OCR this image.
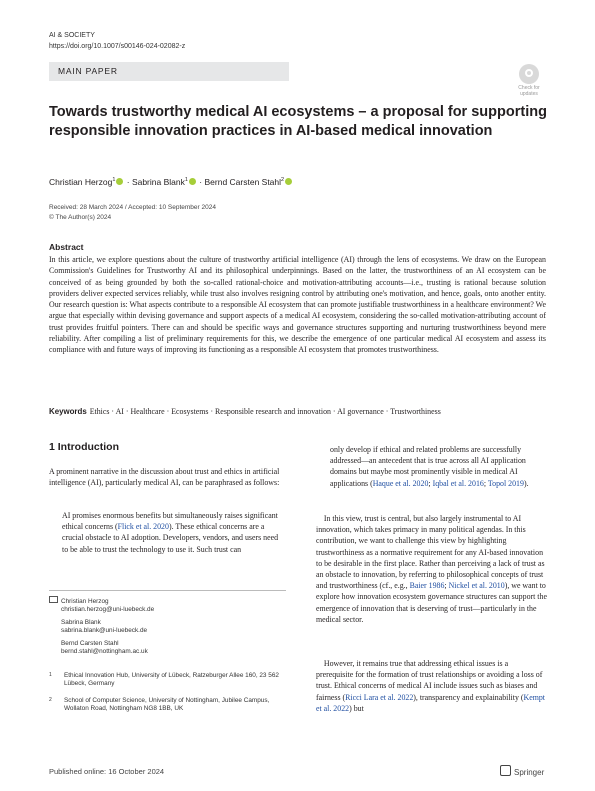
AI & SOCIETY
https://doi.org/10.1007/s00146-024-02082-z
MAIN PAPER
Check for updates
Towards trustworthy medical AI ecosystems – a proposal for supporting responsible innovation practices in AI-based medical innovation
Christian Herzog$^1$ · Sabrina Blank$^1$ · Bernd Carsten Stahl$^2$
Received: 28 March 2024 / Accepted: 10 September 2024
© The Author(s) 2024
Abstract
In this article, we explore questions about the culture of trustworthy artificial intelligence (AI) through the lens of ecosystems. We draw on the European Commission's Guidelines for Trustworthy AI and its philosophical underpinnings. Based on the latter, the trustworthiness of an AI ecosystem can be conceived of as being grounded by both the so-called rational-choice and motivation-attributing accounts—i.e., trusting is rational because solution providers deliver expected services reliably, while trust also involves resigning control by attributing one's motivation, and hence, goals, onto another entity. Our research question is: What aspects contribute to a responsible AI ecosystem that can promote justifiable trustworthiness in a healthcare environment? We argue that especially within devising governance and support aspects of a medical AI ecosystem, considering the so-called motivation-attributing account of trust provides fruitful pointers. There can and should be specific ways and governance structures supporting and nurturing trustworthiness beyond mere reliability. After compiling a list of preliminary requirements for this, we describe the emergence of one particular medical AI ecosystem and assess its compliance with and future ways of improving its functioning as a responsible AI ecosystem that promotes trustworthiness.
Keywords Ethics · AI · Healthcare · Ecosystems · Responsible research and innovation · AI governance · Trustworthiness
1 Introduction
A prominent narrative in the discussion about trust and ethics in artificial intelligence (AI), particularly medical AI, can be paraphrased as follows:
AI promises enormous benefits but simultaneously raises significant ethical concerns (Flick et al. 2020). These ethical concerns are a crucial obstacle to AI adoption. Developers, vendors, and users need to be able to trust the technology to use it. Such trust can
only develop if ethical and related problems are successfully addressed—an antecedent that is true across all AI application domains but maybe most prominently visible in medical AI applications (Haque et al. 2020; Iqbal et al. 2016; Topol 2019).
 In this view, trust is central, but also largely instrumental to AI innovation, which takes primacy in many political agendas. In this contribution, we want to challenge this view by highlighting trustworthiness as a normative requirement for any AI-based innovation to be desirable in the first place. Rather than perceiving a lack of trust as an obstacle to innovation, by referring to philosophical concepts of trust and trustworthiness (cf., e.g., Baier 1986; Nickel et al. 2010), we want to explore how innovation ecosystem governance structures can support the emergence of innovation that is deserving of trust—particularly in the medical sector.
 However, it remains true that addressing ethical issues is a prerequisite for the formation of trust relationships or avoiding a loss of trust. Ethical concerns of medical AI include issues such as biases and fairness (Ricci Lara et al. 2022), transparency and explainability (Kempt et al. 2022) but
Christian Herzog
christian.herzog@uni-luebeck.de
Sabrina Blank
sabrina.blank@uni-luebeck.de
Bernd Carsten Stahl
bernd.stahl@nottingham.ac.uk
1 Ethical Innovation Hub, University of Lübeck, Ratzeburger Allee 160, 23 562 Lübeck, Germany
2 School of Computer Science, University of Nottingham, Jubilee Campus, Wollaton Road, Nottingham NG8 1BB, UK
Published online: 16 October 2024	Springer
